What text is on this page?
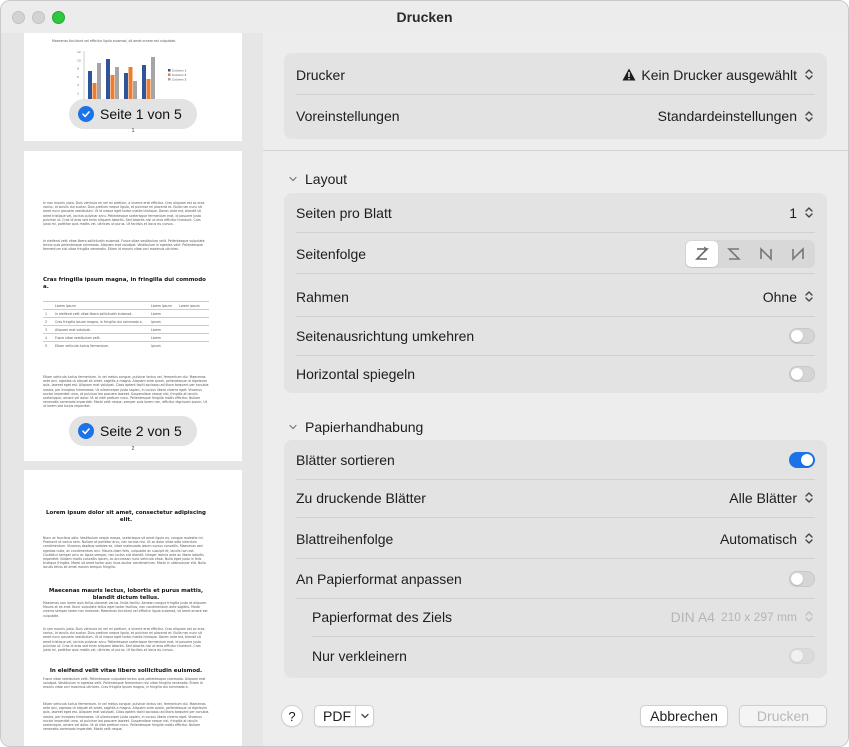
Drucken
Maecenas tincidunt vel efficitur ligula euismod, sit amet ornare est vulputate.
12
10
8
6
4
2
Column 1
Column 2
Column 3
Seite 1 von 5
1
In non mauris justo. Duis vehicula mi vel mi pretium, a viverra erat efficitur. Cras aliquam est ac eros varius, id iaculis dui auctor. Duis pretium neque ligula, et pulvinar mi placerat et. Nulla nec nunc sit amet nunc posuere vestibulum. Ut id neque eget tortor mattis tristique. Donec ante est, blandit sit amet tristique vel, lacinia pulvinar arcu. Pellentesque scelerisque fermentum erat, id posuere justo pulvinar ut. Cras id eros sed enim aliquam lobortis. Sed lobortis nisl ut eros efficitur tincidunt. Cras justo mi, porttitor quis mattis vel, ultricies ut purus. Ut facilisis et lacus eu cursus.
In eleifend velit vitae libero sollicitudin euismod. Fusce vitae vestibulum velit. Pellentesque vulputate lectus quis pellentesque commodo. Aliquam erat volutpat. Vestibulum in egestas velit. Pellentesque fermentum nisl vitae fringilla venenatis. Etiam id mauris vitae orci maximus ultricies.
Cras fringilla ipsum magna, in fringilla dui commodo a.
	Lorem ipsum	Lorem ipsum	Lorem ipsum
1	In eleifend velit vitae libero sollicitudin euismod.	Lorem	
2	Cras fringilla ipsum magna, in fringilla dui commodo a.	Ipsum	
3	Aliquam erat volutpat.	Lorem	
4	Fusce vitae vestibulum velit.	Lorem	
5	Etiam vehicula luctus fermentum.	Ipsum	
Etiam vehicula luctus fermentum. In vel metus congue, pulvinar lectus vel, fermentum dui. Maecenas ante orci, egestas ut aliquet sit amet, sagittis a magna. Aliquam ante quam, pellentesque ut dignissim quis, laoreet eget est. Aliquam erat volutpat. Class aptent taciti sociosqu ad litora torquent per conubia nostra, per inceptos himenaeos. Ut ullamcorper justo sapien, in cursus libero viverra eget. Vivamus auctor imperdiet urna, at pulvinar leo posuere laoreet. Suspendisse neque nisl, fringilla at iaculis scelerisque, ornare vel dolor. Ut at nibh pretium nunc. Pellentesque fringilla mollis efficitur. Nullam venenatis commodo imperdiet. Morbi velit neque, semper quis lorem nec, efficitur dignissim ipsum. Ut ut lorem sed turpis imperdiet.
Seite 2 von 5
2
Lorem ipsum dolor sit amet, consectetur adipiscing elit.
Nunc ac faucibus odio. Vestibulum neque massa, scelerisque sit amet ligula eu, congue molestie mi. Praesent ut varius sem. Nullam at porttitor arcu, nec lacinia nisi. Ut ac dolor vitae odio interdum condimentum. Vivamus dapibus sodales ex, vitae malesuada ipsum cursus convallis. Maecenas sed egestas nulla, ac condimentum orci. Mauris diam felis, vulputate ac suscipit et, iaculis non est. Curabitur semper arcu ac ligula semper, nec luctus nisl blandit. Integer lacinia ante ac libero lobortis imperdiet. Nullam mollis convallis ipsum, ac accumsan nunc vehicula vitae. Nulla eget justo in felis tristique fringilla. Morbi sit amet tortor quis risus auctor condimentum. Morbi in ullamcorper elit. Nulla iaculis tellus sit amet mauris tempus fringilla.
Maecenas mauris lectus, lobortis et purus mattis, blandit dictum tellus.
Maecenas non lorem quis tellus placerat varius. Nulla facilisi. Aenean congue fringilla justo at aliquam. Mauris et ex erat. Nunc vulputate tellus eget tortor facilisis, non condimentum ante sagittis. Morbi viverra semper lorem nec molestie. Maecenas tincidunt vel efficitur ligula euismod, sit amet ornare est vulputate.
In non mauris justo. Duis vehicula mi vel mi pretium, a viverra erat efficitur. Cras aliquam est ac eros varius, id iaculis dui auctor. Duis pretium neque ligula, et pulvinar mi placerat et. Nulla nec nunc sit amet nunc posuere vestibulum. Ut id neque eget tortor mattis tristique. Donec ante est, blandit sit amet tristique vel, lacinia pulvinar arcu. Pellentesque scelerisque fermentum erat, id posuere justo pulvinar ut. Cras id eros sed enim aliquam lobortis. Sed lobortis nisl ut eros efficitur tincidunt. Cras justo mi, porttitor quis mattis vel, ultricies ut purus. Ut facilisis et lacus eu cursus.
In eleifend velit vitae libero sollicitudin euismod.
Fusce vitae vestibulum velit. Pellentesque vulputate lectus quis pellentesque commodo. Aliquam erat volutpat. Vestibulum in egestas velit. Pellentesque fermentum nisl vitae fringilla venenatis. Etiam id mauris vitae orci maximus ultricies. Cras fringilla ipsum magna, in fringilla dui commodo a.
Etiam vehicula luctus fermentum. In vel metus congue, pulvinar lectus vel, fermentum dui. Maecenas ante orci, egestas ut aliquet sit amet, sagittis a magna. Aliquam ante quam, pellentesque ut dignissim quis, laoreet eget est. Aliquam erat volutpat. Class aptent taciti sociosqu ad litora torquent per conubia nostra, per inceptos himenaeos. Ut ullamcorper justo sapien, in cursus libero viverra eget. Vivamus auctor imperdiet urna, at pulvinar leo posuere laoreet. Suspendisse neque nisl, fringilla at iaculis scelerisque, ornare vel dolor. Ut at nibh pretium nunc. Pellentesque fringilla mollis efficitur. Nullam venenatis commodo imperdiet. Morbi velit neque.
Drucker	Kein Drucker ausgewählt
Voreinstellungen	Standardeinstellungen
Layout
Seiten pro Blatt	1
Seitenfolge
Rahmen	Ohne
Seitenausrichtung umkehren
Horizontal spiegeln
Papierhandhabung
Blätter sortieren
Zu druckende Blätter	Alle Blätter
Blattreihenfolge	Automatisch
An Papierformat anpassen
Papierformat des Ziels	DIN A4 210 x 297 mm
Nur verkleinern
?	PDF	Abbrechen	Drucken
